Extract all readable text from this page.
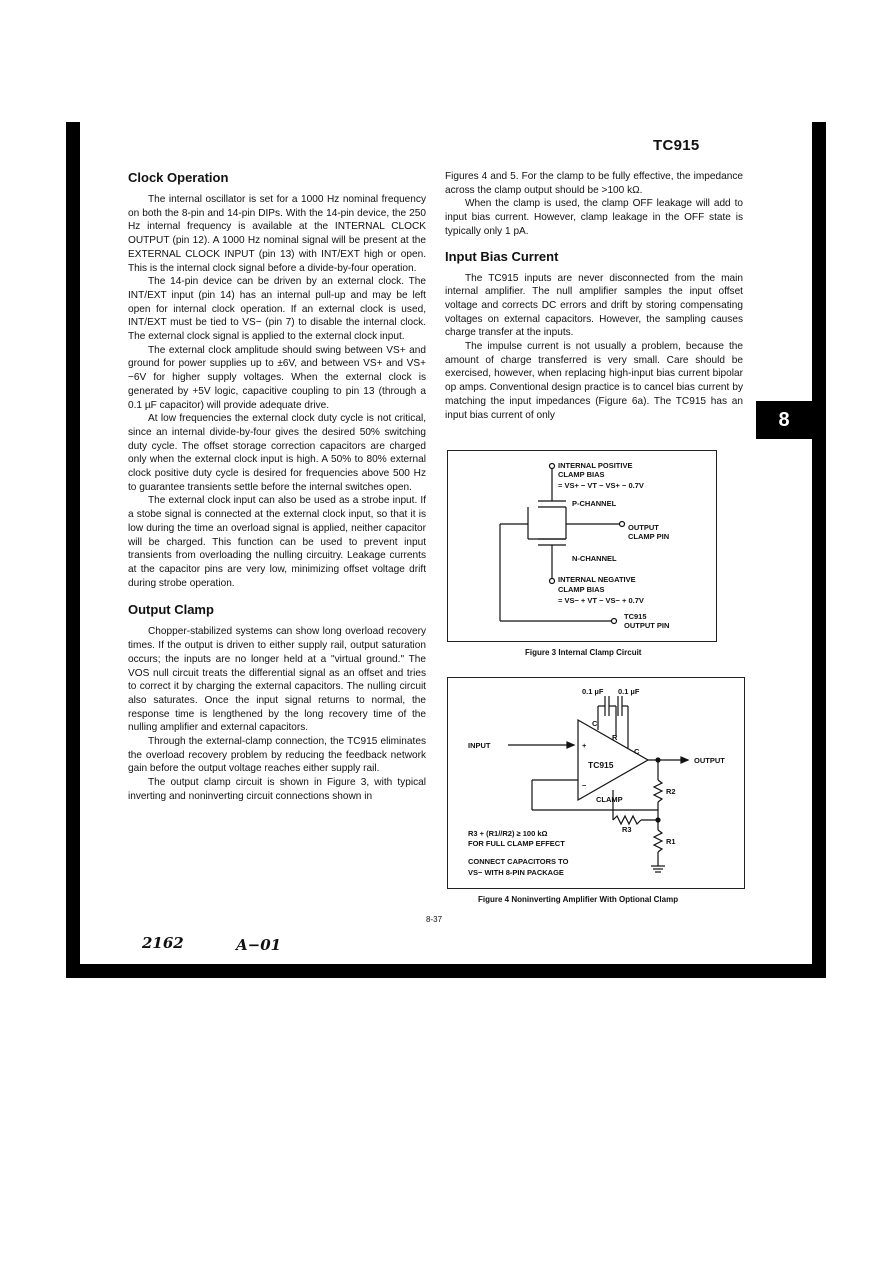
TC915
Clock Operation

The internal oscillator is set for a 1000 Hz nominal frequency on both the 8-pin and 14-pin DIPs. With the 14-pin device, the 250 Hz internal frequency is available at the INTERNAL CLOCK OUTPUT (pin 12). A 1000 Hz nominal signal will be present at the EXTERNAL CLOCK INPUT (pin 13) with INT/EXT high or open. This is the internal clock signal before a divide-by-four operation.

The 14-pin device can be driven by an external clock. The INT/EXT input (pin 14) has an internal pull-up and may be left open for internal clock operation. If an external clock is used, INT/EXT must be tied to VS− (pin 7) to disable the internal clock. The external clock signal is applied to the external clock input.

The external clock amplitude should swing between VS+ and ground for power supplies up to ±6V, and between VS+ and VS+ −6V for higher supply voltages. When the external clock is generated by +5V logic, capacitive coupling to pin 13 (through a 0.1 µF capacitor) will provide adequate drive.

At low frequencies the external clock duty cycle is not critical, since an internal divide-by-four gives the desired 50% switching duty cycle. The offset storage correction capacitors are charged only when the external clock input is high. A 50% to 80% external clock positive duty cycle is desired for frequencies above 500 Hz to guarantee transients settle before the internal switches open.

The external clock input can also be used as a strobe input. If a stobe signal is connected at the external clock input, so that it is low during the time an overload signal is applied, neither capacitor will be charged. This function can be used to prevent input transients from overloading the nulling circuitry. Leakage currents at the capacitor pins are very low, minimizing offset voltage drift during strobe operation.

Output Clamp

Chopper-stabilized systems can show long overload recovery times. If the output is driven to either supply rail, output saturation occurs; the inputs are no longer held at a "virtual ground." The VOS null circuit treats the differential signal as an offset and tries to correct it by charging the external capacitors. The nulling circuit also saturates. Once the input signal returns to normal, the response time is lengthened by the long recovery time of the nulling amplifier and external capacitors.

Through the external-clamp connection, the TC915 eliminates the overload recovery problem by reducing the feedback network gain before the output voltage reaches either supply rail.

The output clamp circuit is shown in Figure 3, with typical inverting and noninverting circuit connections shown in

Figures 4 and 5. For the clamp to be fully effective, the impedance across the clamp output should be >100 kΩ.

When the clamp is used, the clamp OFF leakage will add to input bias current. However, clamp leakage in the OFF state is typically only 1 pA.

Input Bias Current

The TC915 inputs are never disconnected from the main internal amplifier. The null amplifier samples the input offset voltage and corrects DC errors and drift by storing compensating voltages on external capacitors. However, the sampling causes charge transfer at the inputs.

The impulse current is not usually a problem, because the amount of charge transferred is very small. Care should be exercised, however, when replacing high-input bias current bipolar op amps. Conventional design practice is to cancel bias current by matching the input impedances (Figure 6a). The TC915 has an input bias current of only

INTERNAL POSITIVE
CLAMP BIAS
= VS+ − VT − VS+ − 0.7V
P-CHANNEL
OUTPUT
CLAMP PIN
N-CHANNEL
INTERNAL NEGATIVE
CLAMP BIAS
= VS− + VT − VS− + 0.7V
TC915
OUTPUT PIN
Figure 3 Internal Clamp Circuit
0.1 µF 0.1 µF
C
R
C
INPUT
OUTPUT
+
−
TC915
CLAMP
R2
R1
R3
R3 + (R1//R2) ≥ 100 kΩ
FOR FULL CLAMP EFFECT
CONNECT CAPACITORS TO
VS− WITH 8-PIN PACKAGE
Figure 4 Noninverting Amplifier With Optional Clamp
8-37
2162	A−01
8
